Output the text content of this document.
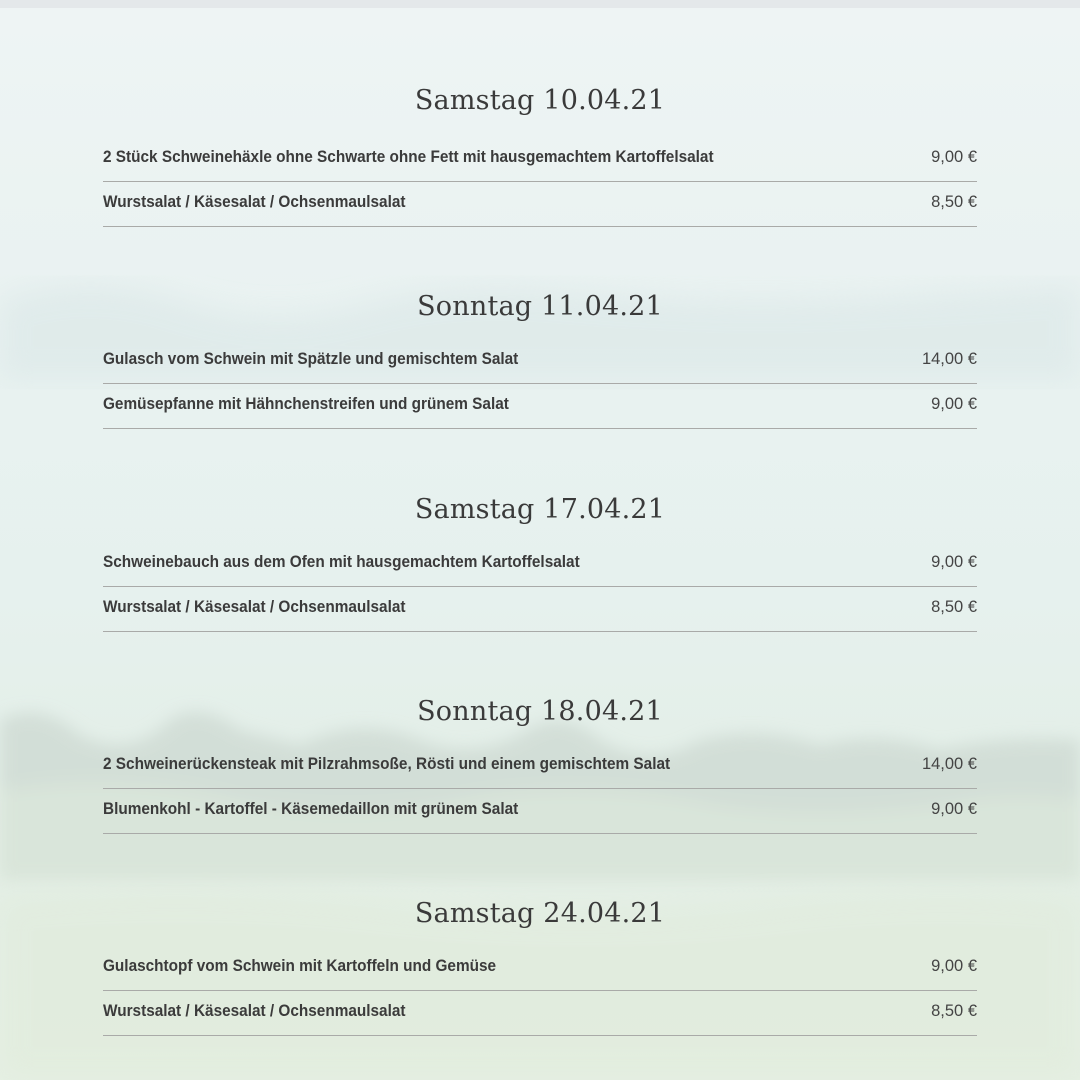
Samstag 10.04.21
2 Stück Schweinehäxle ohne Schwarte ohne Fett mit hausgemachtem Kartoffelsalat	9,00 €
Wurstsalat / Käsesalat / Ochsenmaulsalat	8,50 €
Sonntag 11.04.21
Gulasch vom Schwein mit Spätzle und gemischtem Salat	14,00 €
Gemüsepfanne mit Hähnchenstreifen und grünem Salat	9,00 €
Samstag 17.04.21
Schweinebauch aus dem Ofen mit hausgemachtem Kartoffelsalat	9,00 €
Wurstsalat / Käsesalat / Ochsenmaulsalat	8,50 €
Sonntag 18.04.21
2 Schweinerückensteak mit Pilzrahmsoße, Rösti und einem gemischtem Salat	14,00 €
Blumenkohl - Kartoffel - Käsemedaillon mit grünem Salat	9,00 €
Samstag 24.04.21
Gulaschtopf vom Schwein mit Kartoffeln und Gemüse	9,00 €
Wurstsalat / Käsesalat / Ochsenmaulsalat	8,50 €
